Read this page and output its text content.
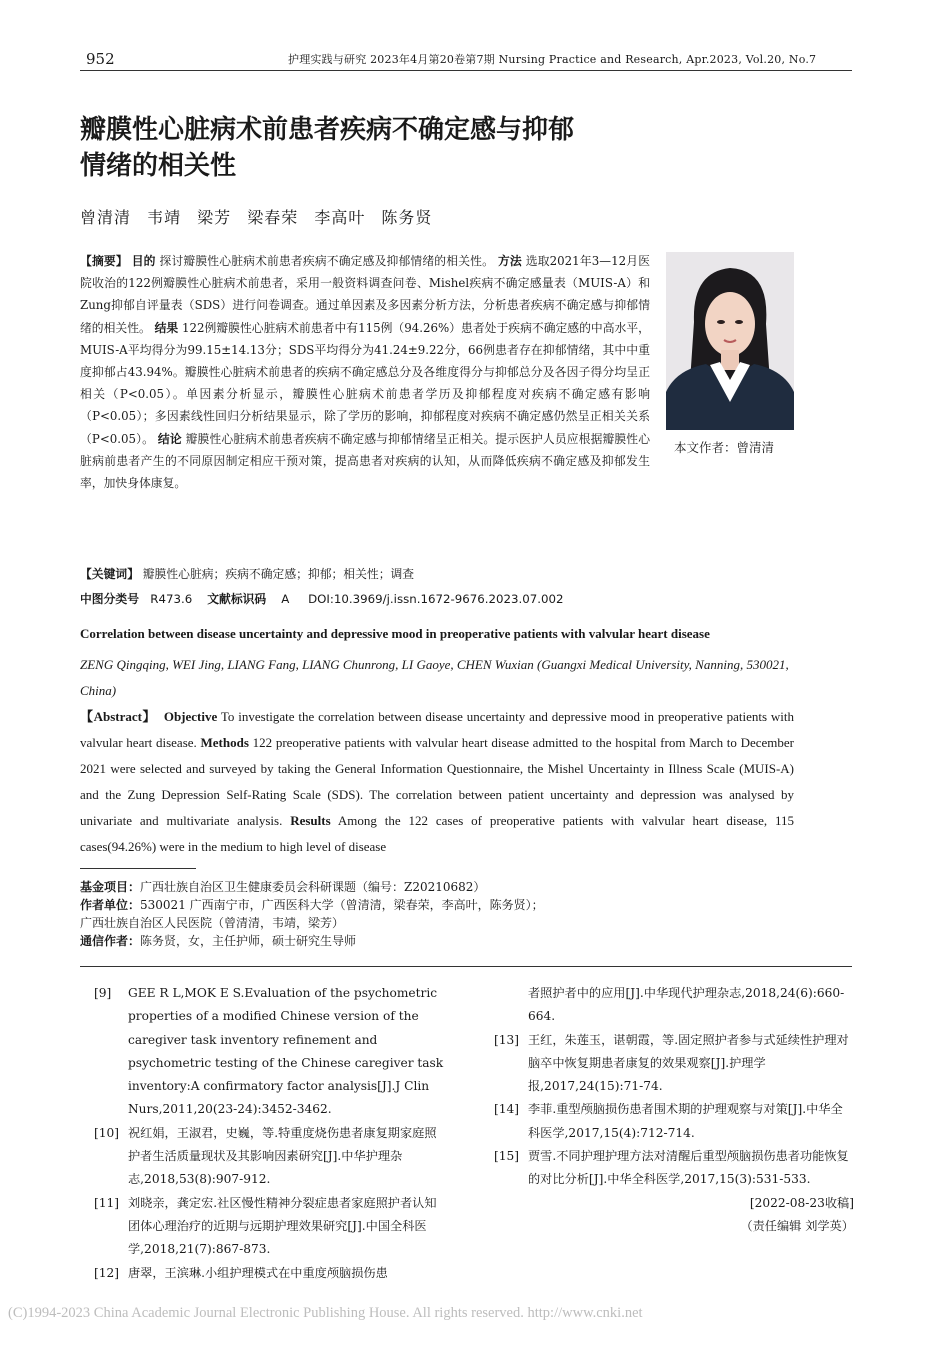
952	护理实践与研究 2023年4月第20卷第7期 Nursing Practice and Research, Apr.2023, Vol.20, No.7
瓣膜性心脏病术前患者疾病不确定感与抑郁
情绪的相关性
曾清清 韦靖 梁芳 梁春荣 李高叶 陈务贤
【摘要】 目的 探讨瓣膜性心脏病术前患者疾病不确定感及抑郁情绪的相关性。 方法 选取2021年3—12月医院收治的122例瓣膜性心脏病术前患者，采用一般资料调查问卷、Mishel疾病不确定感量表（MUIS-A）和Zung抑郁自评量表（SDS）进行问卷调查。通过单因素及多因素分析方法，分析患者疾病不确定感与抑郁情绪的相关性。 结果 122例瓣膜性心脏病术前患者中有115例（94.26%）患者处于疾病不确定感的中高水平，MUIS-A平均得分为99.15±14.13分；SDS平均得分为41.24±9.22分，66例患者存在抑郁情绪，其中中重度抑郁占43.94%。瓣膜性心脏病术前患者的疾病不确定感总分及各维度得分与抑郁总分及各因子得分均呈正相关（P<0.05）。单因素分析显示，瓣膜性心脏病术前患者学历及抑郁程度对疾病不确定感有影响（P<0.05）；多因素线性回归分析结果显示，除了学历的影响，抑郁程度对疾病不确定感仍然呈正相关关系（P<0.05）。 结论 瓣膜性心脏病术前患者疾病不确定感与抑郁情绪呈正相关。提示医护人员应根据瓣膜性心脏病前患者产生的不同原因制定相应干预对策，提高患者对疾病的认知，从而降低疾病不确定感及抑郁发生率，加快身体康复。
本文作者：曾清清
【关键词】 瓣膜性心脏病；疾病不确定感；抑郁；相关性；调查
中图分类号 R473.6 文献标识码 A DOI:10.3969/j.issn.1672-9676.2023.07.002
Correlation between disease uncertainty and depressive mood in preoperative patients with valvular heart disease
ZENG Qingqing, WEI Jing, LIANG Fang, LIANG Chunrong, LI Gaoye, CHEN Wuxian (Guangxi Medical University, Nanning, 530021, China)
【Abstract】 Objective To investigate the correlation between disease uncertainty and depressive mood in preoperative patients with valvular heart disease. Methods 122 preoperative patients with valvular heart disease admitted to the hospital from March to December 2021 were selected and surveyed by taking the General Information Questionnaire, the Mishel Uncertainty in Illness Scale (MUIS-A) and the Zung Depression Self-Rating Scale (SDS). The correlation between patient uncertainty and depression was analysed by univariate and multivariate analysis. Results Among the 122 cases of preoperative patients with valvular heart disease, 115 cases(94.26%) were in the medium to high level of disease
基金项目：广西壮族自治区卫生健康委员会科研课题（编号：Z20210682）
作者单位：530021 广西南宁市，广西医科大学（曾清清，梁春荣，李高叶，陈务贤）；
广西壮族自治区人民医院（曾清清，韦靖，梁芳）
通信作者：陈务贤，女，主任护师，硕士研究生导师
[9]	GEE R L,MOK E S.Evaluation of the psychometric properties of a modified Chinese version of the caregiver task inventory refinement and psychometric testing of the Chinese caregiver task inventory:A confirmatory factor analysis[J].J Clin Nurs,2011,20(23-24):3452-3462.
[10] 祝红娟，王淑君，史巍，等.特重度烧伤患者康复期家庭照护者生活质量现状及其影响因素研究[J].中华护理杂志,2018,53(8):907-912.
[11] 刘晓亲，龚定宏.社区慢性精神分裂症患者家庭照护者认知团体心理治疗的近期与远期护理效果研究[J].中国全科医学,2018,21(7):867-873.
[12] 唐翠，王滨琳.小组护理模式在中重度颅脑损伤患
者照护者中的应用[J].中华现代护理杂志,2018,24(6):660-664.
[13] 王红，朱莲玉，谌朝霞，等.固定照护者参与式延续性护理对脑卒中恢复期患者康复的效果观察[J].护理学报,2017,24(15):71-74.
[14] 李菲.重型颅脑损伤患者围术期的护理观察与对策[J].中华全科医学,2017,15(4):712-714.
[15] 贾雪.不同护理护理方法对清醒后重型颅脑损伤患者功能恢复的对比分析[J].中华全科医学,2017,15(3):531-533.
[2022-08-23收稿]
（责任编辑 刘学英）
(C)1994-2023 China Academic Journal Electronic Publishing House. All rights reserved. http://www.cnki.net
